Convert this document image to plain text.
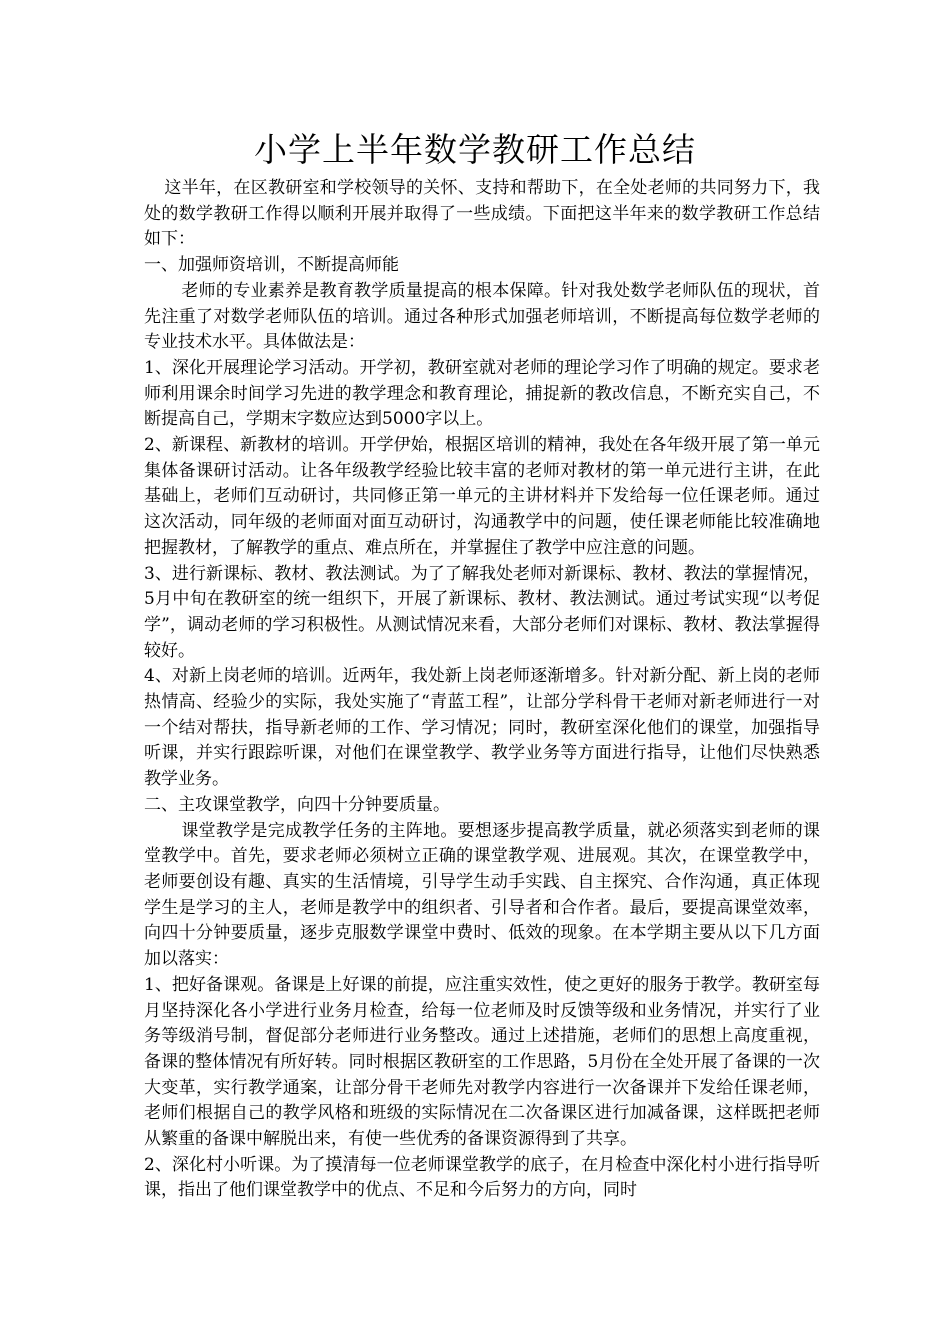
小学上半年数学教研工作总结

这半年，在区教研室和学校领导的关怀、支持和帮助下，在全处老师的共同努力下，我处的数学教研工作得以顺利开展并取得了一些成绩。下面把这半年来的数学教研工作总结如下：

一、加强师资培训，不断提高师能

老师的专业素养是教育教学质量提高的根本保障。针对我处数学老师队伍的现状，首先注重了对数学老师队伍的培训。通过各种形式加强老师培训，不断提高每位数学老师的专业技术水平。具体做法是：

1、深化开展理论学习活动。开学初，教研室就对老师的理论学习作了明确的规定。要求老师利用课余时间学习先进的教学理念和教育理论，捕捉新的教改信息，不断充实自己，不断提高自己，学期末字数应达到5000字以上。

2、新课程、新教材的培训。开学伊始，根据区培训的精神，我处在各年级开展了第一单元集体备课研讨活动。让各年级教学经验比较丰富的老师对教材的第一单元进行主讲，在此基础上，老师们互动研讨，共同修正第一单元的主讲材料并下发给每一位任课老师。通过这次活动，同年级的老师面对面互动研讨，沟通教学中的问题，使任课老师能比较准确地把握教材，了解教学的重点、难点所在，并掌握住了教学中应注意的问题。

3、进行新课标、教材、教法测试。为了了解我处老师对新课标、教材、教法的掌握情况，5月中旬在教研室的统一组织下，开展了新课标、教材、教法测试。通过考试实现“以考促学”，调动老师的学习积极性。从测试情况来看，大部分老师们对课标、教材、教法掌握得较好。

4、对新上岗老师的培训。近两年，我处新上岗老师逐渐增多。针对新分配、新上岗的老师热情高、经验少的实际，我处实施了“青蓝工程”，让部分学科骨干老师对新老师进行一对一个结对帮扶，指导新老师的工作、学习情况；同时，教研室深化他们的课堂，加强指导听课，并实行跟踪听课，对他们在课堂教学、教学业务等方面进行指导，让他们尽快熟悉教学业务。

二、主攻课堂教学，向四十分钟要质量。

课堂教学是完成教学任务的主阵地。要想逐步提高教学质量，就必须落实到老师的课堂教学中。首先，要求老师必须树立正确的课堂教学观、进展观。其次，在课堂教学中，老师要创设有趣、真实的生活情境，引导学生动手实践、自主探究、合作沟通，真正体现学生是学习的主人，老师是教学中的组织者、引导者和合作者。最后，要提高课堂效率，向四十分钟要质量，逐步克服数学课堂中费时、低效的现象。在本学期主要从以下几方面加以落实：

1、把好备课观。备课是上好课的前提，应注重实效性，使之更好的服务于教学。教研室每月坚持深化各小学进行业务月检查，给每一位老师及时反馈等级和业务情况，并实行了业务等级消号制，督促部分老师进行业务整改。通过上述措施，老师们的思想上高度重视，备课的整体情况有所好转。同时根据区教研室的工作思路，5月份在全处开展了备课的一次大变革，实行教学通案，让部分骨干老师先对教学内容进行一次备课并下发给任课老师，老师们根据自己的教学风格和班级的实际情况在二次备课区进行加减备课，这样既把老师从繁重的备课中解脱出来，有使一些优秀的备课资源得到了共享。

2、深化村小听课。为了摸清每一位老师课堂教学的底子，在月检查中深化村小进行指导听课，指出了他们课堂教学中的优点、不足和今后努力的方向，同时
